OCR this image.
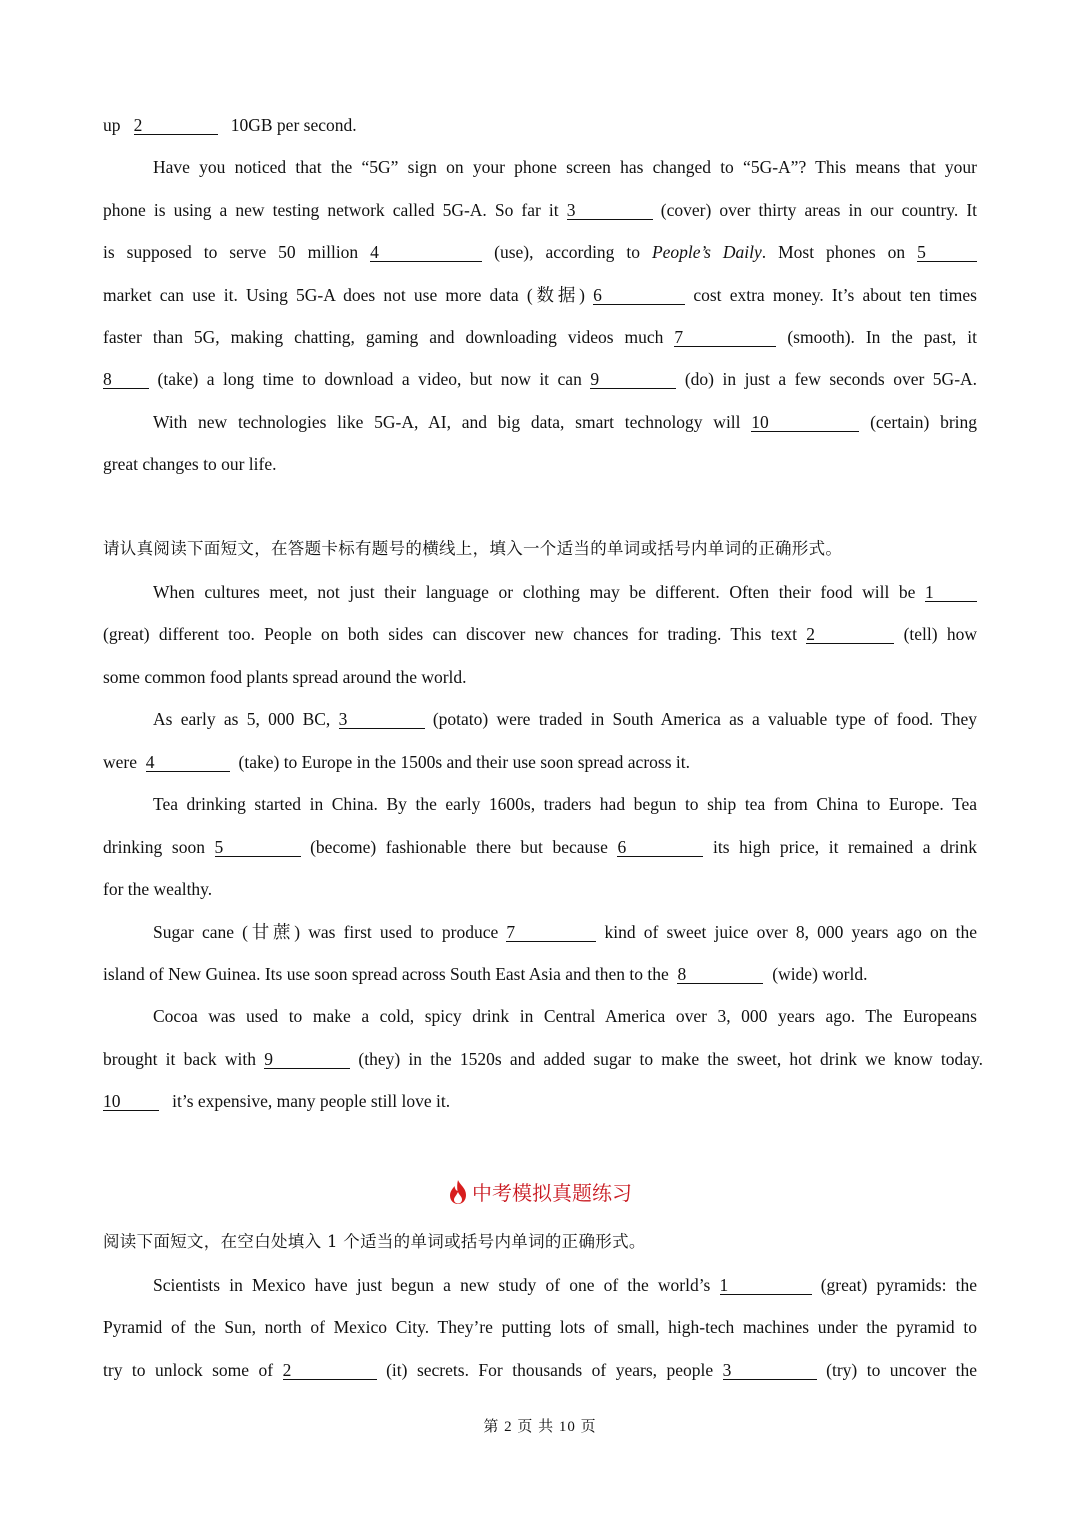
up 2	10GB per second.
Have you noticed that the “5G” sign on your phone screen has changed to “5G-A”? This means that your
phone is using a new testing network called 5G-A. So far it 3	(cover) over thirty areas in our country. It
is supposed to serve 50 million 4	(use), according to People’s Daily. Most phones on 5
market can use it. Using 5G-A does not use more data (数据) 6	cost extra money. It’s about ten times
faster than 5G, making chatting, gaming and downloading videos much 7	(smooth). In the past, it
8	(take) a long time to download a video, but now it can 9	(do) in just a few seconds over 5G-A.
With new technologies like 5G-A, AI, and big data, smart technology will 10	(certain) bring
great changes to our life.
请认真阅读下面短文，在答题卡标有题号的横线上，填入一个适当的单词或括号内单词的正确形式。
When cultures meet, not just their language or clothing may be different. Often their food will be 1
(great) different too. People on both sides can discover new chances for trading. This text 2	(tell) how
some common food plants spread around the world.
As early as 5, 000 BC, 3	(potato) were traded in South America as a valuable type of food. They
were 4	(take) to Europe in the 1500s and their use soon spread across it.
Tea drinking started in China. By the early 1600s, traders had begun to ship tea from China to Europe. Tea
drinking soon 5	(become) fashionable there but because 6	its high price, it remained a drink
for the wealthy.
Sugar cane (甘蔗) was first used to produce 7	kind of sweet juice over 8, 000 years ago on the
island of New Guinea. Its use soon spread across South East Asia and then to the 8	(wide) world.
Cocoa was used to make a cold, spicy drink in Central America over 3, 000 years ago. The Europeans
brought it back with 9	(they) in the 1520s and added sugar to make the sweet, hot drink we know today.
10	it’s expensive, many people still love it.
中考模拟真题练习
阅读下面短文，在空白处填入 1 个适当的单词或括号内单词的正确形式。
Scientists in Mexico have just begun a new study of one of the world’s 1	(great) pyramids: the
Pyramid of the Sun, north of Mexico City. They’re putting lots of small, high-tech machines under the pyramid to
try to unlock some of 2	(it) secrets. For thousands of years, people 3	(try) to uncover the
第 2 页 共 10 页
